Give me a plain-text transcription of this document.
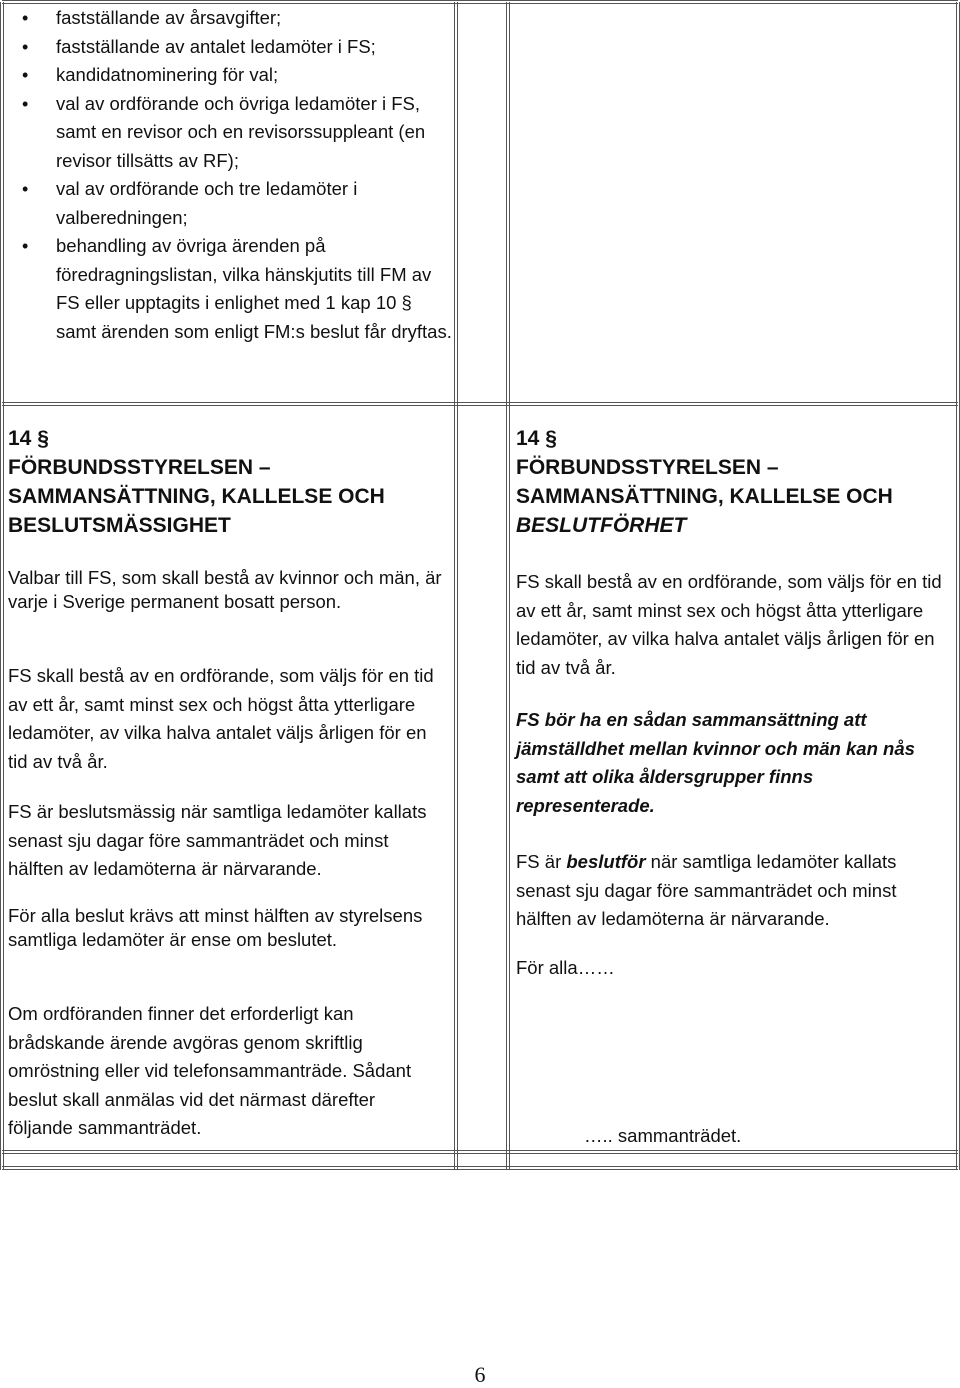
• fastställande av årsavgifter;
• fastställande av antalet ledamöter i FS;
• kandidatnominering för val;
• val av ordförande och övriga ledamöter i FS, samt en revisor och en revisorssuppleant (en revisor tillsätts av RF);
• val av ordförande och tre ledamöter i valberedningen;
• behandling av övriga ärenden på föredragningslistan, vilka hänskjutits till FM av FS eller upptagits i enlighet med 1 kap 10 § samt ärenden som enligt FM:s beslut får dryftas.
14 §
FÖRBUNDSSTYRELSEN –
SAMMANSÄTTNING, KALLELSE OCH
BESLUTSMÄSSIGHET

Valbar till FS, som skall bestå av kvinnor och män, är varje i Sverige permanent bosatt person.

FS skall bestå av en ordförande, som väljs för en tid av ett år, samt minst sex och högst åtta ytterligare ledamöter, av vilka halva antalet väljs årligen för en tid av två år.

FS är beslutsmässig när samtliga ledamöter kallats senast sju dagar före sammanträdet och minst hälften av ledamöterna är närvarande.

För alla beslut krävs att minst hälften av styrelsens samtliga ledamöter är ense om beslutet.

Om ordföranden finner det erforderligt kan brådskande ärende avgöras genom skriftlig omröstning eller vid telefonsammanträde. Sådant beslut skall anmälas vid det närmast därefter följande sammanträdet.

14 §
FÖRBUNDSSTYRELSEN –
SAMMANSÄTTNING, KALLELSE OCH
BESLUTFÖRHET

FS skall bestå av en ordförande, som väljs för en tid av ett år, samt minst sex och högst åtta ytterligare ledamöter, av vilka halva antalet väljs årligen för en tid av två år.

FS bör ha en sådan sammansättning att jämställdhet mellan kvinnor och män kan nås samt att olika åldersgrupper finns representerade.

FS är beslutför när samtliga ledamöter kallats senast sju dagar före sammanträdet och minst hälften av ledamöterna är närvarande.

För alla……

….. sammanträdet.

6
